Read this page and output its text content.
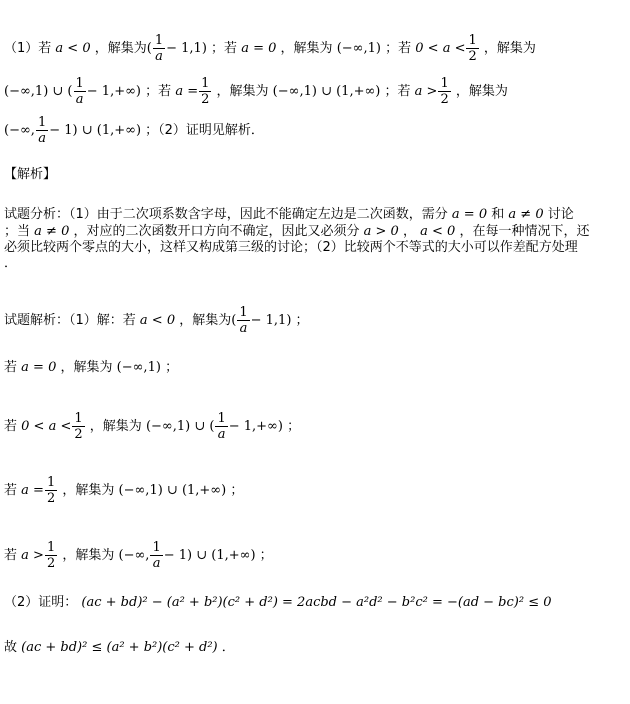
（1）若 a < 0 ，解集为( $\frac{1}{a} - 1,1$) ；若 a = 0 ，解集为 (−∞,1) ；若 $0 < a < \frac{1}{2}$ ，解集为
(−∞,1) ∪ ( $\frac{1}{a} - 1,+\infty$) ；若 $a = \frac{1}{2}$ ，解集为 (−∞,1) ∪ (1,+∞) ；若 $a > \frac{1}{2}$ ，解集为
(−∞, $\frac{1}{a} - 1$) ∪ (1,+∞) ；（2）证明见解析．
【解析】
试题分析：（1）由于二次项系数含字母，因此不能确定左边是二次函数，需分 a = 0 和 a ≠ 0 讨论
；当 a ≠ 0 ，对应的二次函数开口方向不确定，因此又必须分 a > 0 ， a < 0 ，在每一种情况下，还
必须比较两个零点的大小，这样又构成第三级的讨论；（2）比较两个不等式的大小可以作差配方处理
．
试题解析：（1）解：若 a < 0 ，解集为( $\frac{1}{a} - 1,1$) ；
若 a = 0 ，解集为 (−∞,1) ；
若 $0 < a < \frac{1}{2}$ ，解集为 (−∞,1) ∪ ( $\frac{1}{a} - 1,+\infty$) ；
若 $a = \frac{1}{2}$ ，解集为 (−∞,1) ∪ (1,+∞) ；
若 $a > \frac{1}{2}$ ，解集为 (−∞, $\frac{1}{a} - 1$) ∪ (1,+∞) ；
（2）证明： (ac + bd)² − (a² + b²)(c² + d²) = 2acbd − a²d² − b²c² = −(ad − bc)² ≤ 0
故 (ac + bd)² ≤ (a² + b²)(c² + d²) ．
